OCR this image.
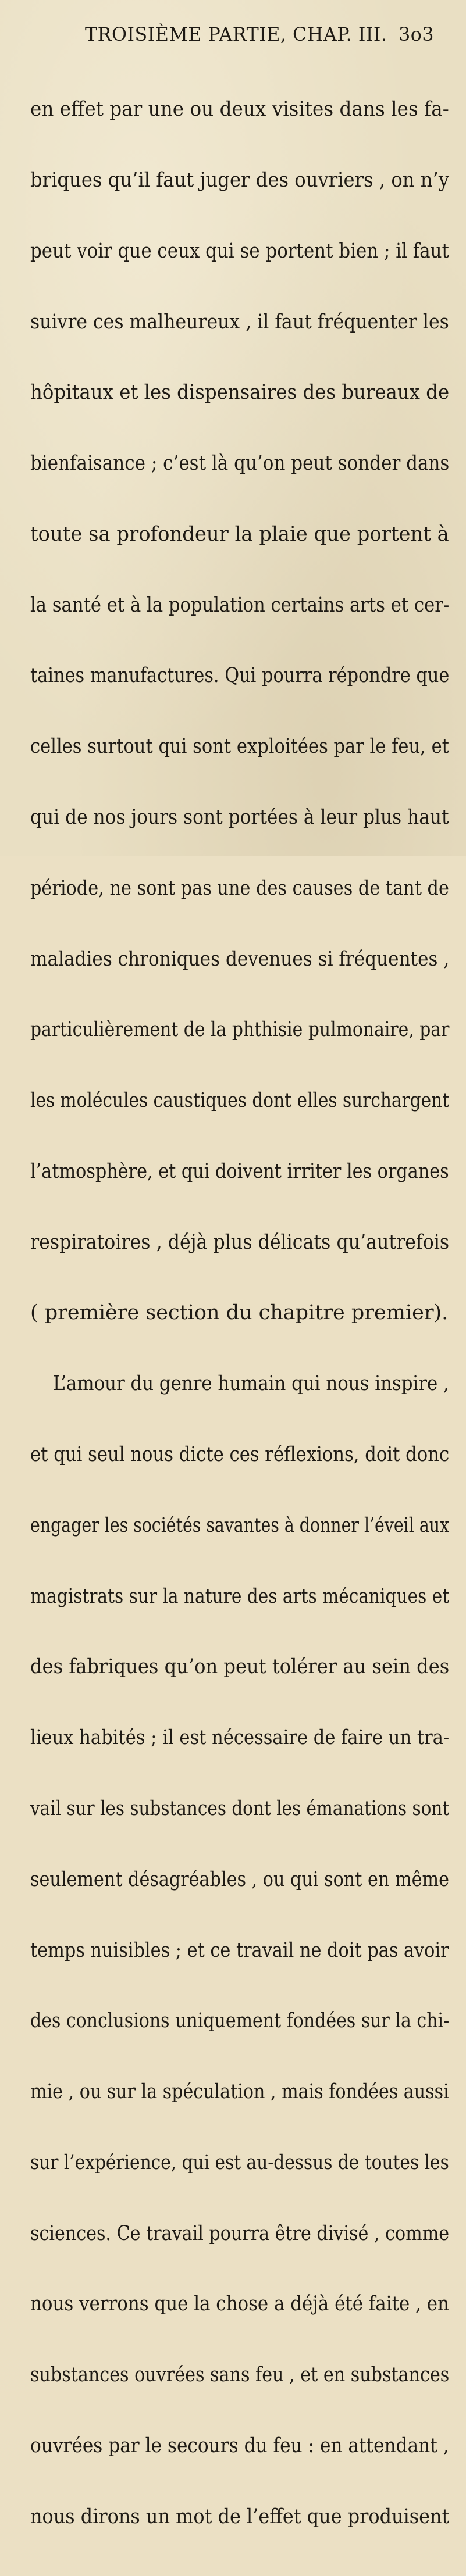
TROISIÈME PARTIE, CHAP. III. 3o3

en effet par une ou deux visites dans les fa-

briques qu’il faut juger des ouvriers , on n’y

peut voir que ceux qui se portent bien ; il faut

suivre ces malheureux , il faut fréquenter les

hôpitaux et les dispensaires des bureaux de

bienfaisance ; c’est là qu’on peut sonder dans

toute sa profondeur la plaie que portent à

la santé et à la population certains arts et cer-

taines manufactures. Qui pourra répondre que

celles surtout qui sont exploitées par le feu, et

qui de nos jours sont portées à leur plus haut

période, ne sont pas une des causes de tant de

maladies chroniques devenues si fréquentes ,

particulièrement de la phthisie pulmonaire, par

les molécules caustiques dont elles surchargent

l’atmosphère, et qui doivent irriter les organes

respiratoires , déjà plus délicats qu’autrefois

( première section du chapitre premier).

L’amour du genre humain qui nous inspire ,

et qui seul nous dicte ces réflexions, doit donc

engager les sociétés savantes à donner l’éveil aux

magistrats sur la nature des arts mécaniques et

des fabriques qu’on peut tolérer au sein des

lieux habités ; il est nécessaire de faire un tra-

vail sur les substances dont les émanations sont

seulement désagréables , ou qui sont en même

temps nuisibles ; et ce travail ne doit pas avoir

des conclusions uniquement fondées sur la chi-

mie , ou sur la spéculation , mais fondées aussi

sur l’expérience, qui est au-dessus de toutes les

sciences. Ce travail pourra être divisé , comme

nous verrons que la chose a déjà été faite , en

substances ouvrées sans feu , et en substances

ouvrées par le secours du feu : en attendant ,

nous dirons un mot de l’effet que produisent
